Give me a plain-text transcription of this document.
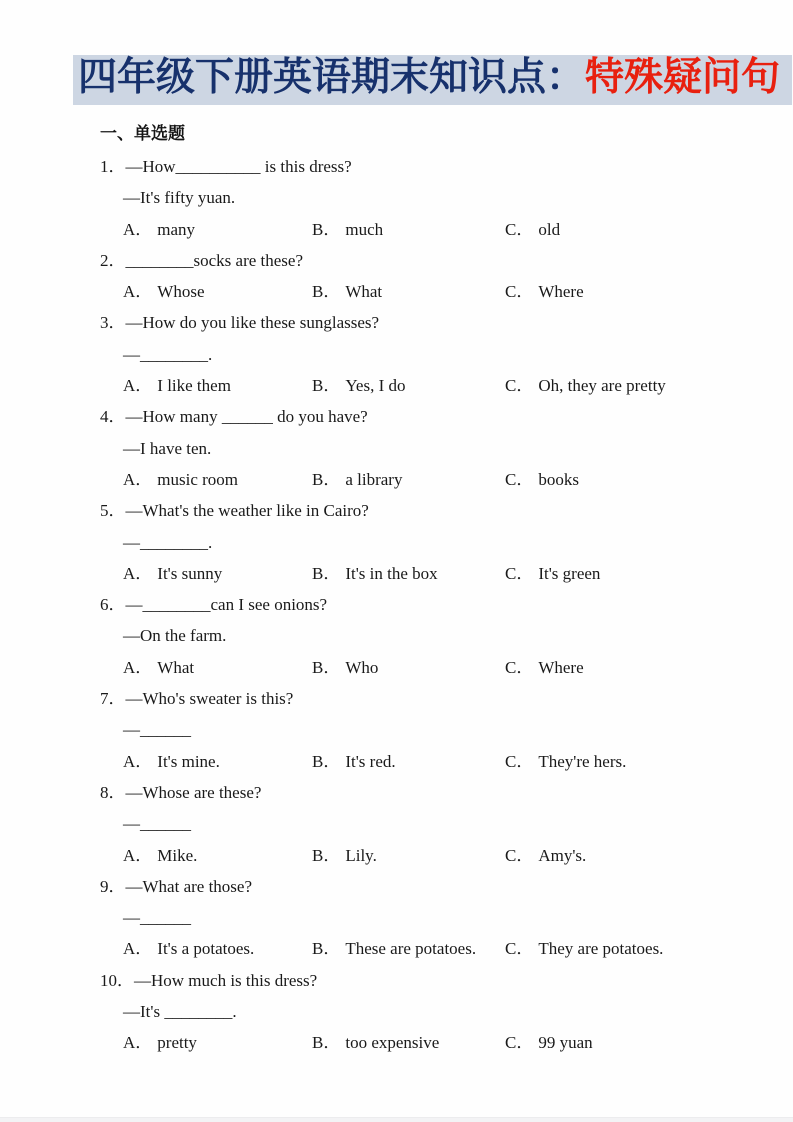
四年级下册英语期末知识点：特殊疑问句
一、单选题
1．—How__________ is this dress?
—It's fifty yuan.
A． many	B． much	C． old
2．________socks are these?
A． Whose	B． What	C． Where
3．—How do you like these sunglasses?
—________.
A． I like them	B． Yes, I do	C． Oh, they are pretty
4．—How many ______ do you have?
—I have ten.
A． music room	B． a library	C． books
5．—What's the weather like in Cairo?
—________.
A． It's sunny	B． It's in the box	C． It's green
6．—________can I see onions?
—On the farm.
A． What	B． Who	C． Where
7．—Who's sweater is this?
—______
A． It's mine.	B． It's red.	C． They're hers.
8．—Whose are these?
—______
A． Mike.	B． Lily.	C． Amy's.
9．—What are those?
—______
A． It's a potatoes.	B． These are potatoes.	C． They are potatoes.
10．—How much is this dress?
—It's ________.
A． pretty	B． too expensive	C． 99 yuan
